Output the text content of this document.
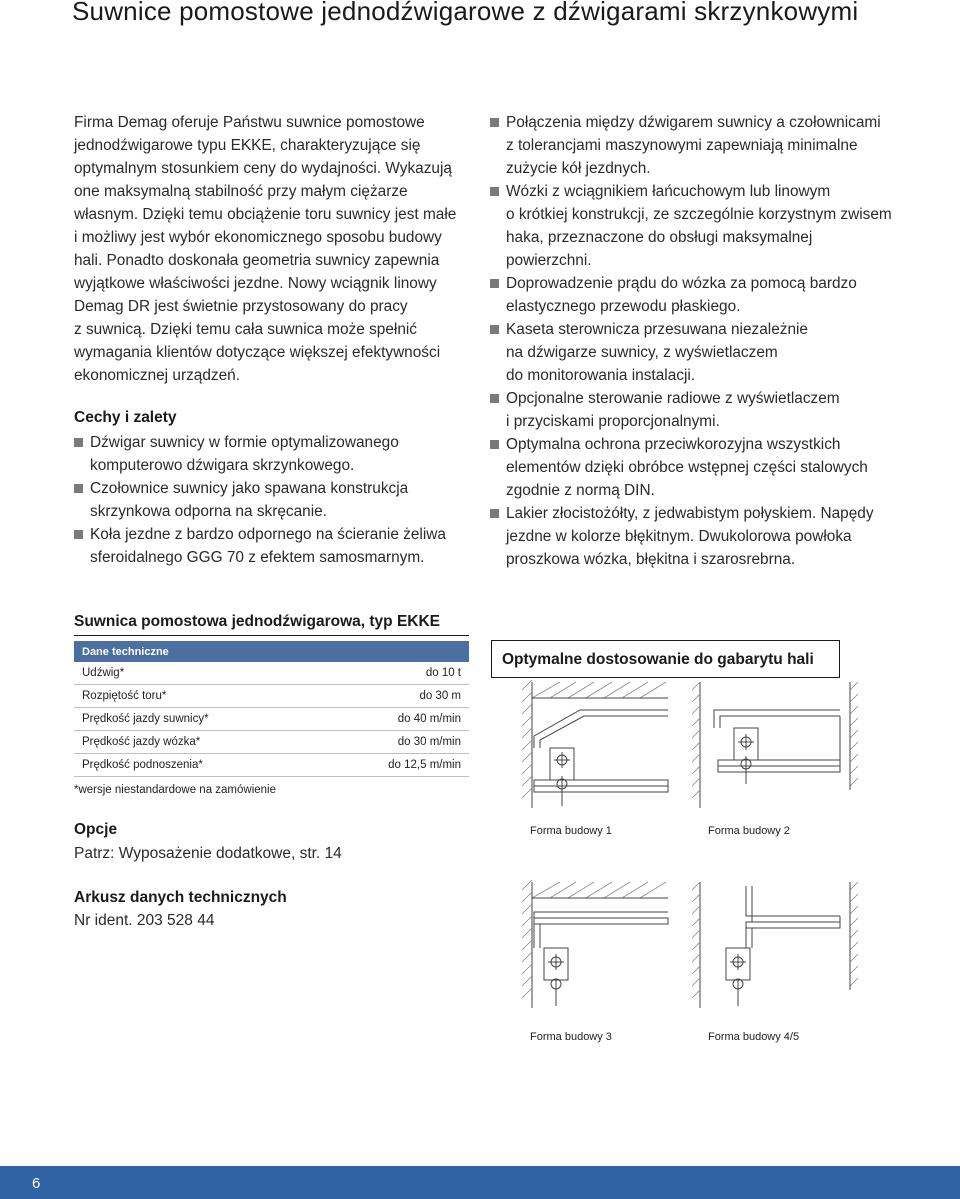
Suwnice pomostowe jednodźwigarowe z dźwigarami skrzynkowymi

Firma Demag oferuje Państwu suwnice pomostowe
jednodźwigarowe typu EKKE, charakteryzujące się
optymalnym stosunkiem ceny do wydajności. Wykazują
one maksymalną stabilność przy małym ciężarze
własnym. Dzięki temu obciążenie toru suwnicy jest małe
i możliwy jest wybór ekonomicznego sposobu budowy
hali. Ponadto doskonała geometria suwnicy zapewnia
wyjątkowe właściwości jezdne. Nowy wciągnik linowy
Demag DR jest świetnie przystosowany do pracy
z suwnicą. Dzięki temu cała suwnica może spełnić
wymagania klientów dotyczące większej efektywności
ekonomicznej urządzeń.

Cechy i zalety
Dźwigar suwnicy w formie optymalizowanego
komputerowo dźwigara skrzynkowego.
Czołownice suwnicy jako spawana konstrukcja
skrzynkowa odporna na skręcanie.
Koła jezdne z bardzo odpornego na ścieranie żeliwa
sferoidalnego GGG 70 z efektem samosmarnym.
Połączenia między dźwigarem suwnicy a czołownicami
z tolerancjami maszynowymi zapewniają minimalne
zużycie kół jezdnych.
Wózki z wciągnikiem łańcuchowym lub linowym
o krótkiej konstrukcji, ze szczególnie korzystnym zwisem
haka, przeznaczone do obsługi maksymalnej
powierzchni.
Doprowadzenie prądu do wózka za pomocą bardzo
elastycznego przewodu płaskiego.
Kaseta sterownicza przesuwana niezależnie
na dźwigarze suwnicy, z wyświetlaczem
do monitorowania instalacji.
Opcjonalne sterowanie radiowe z wyświetlaczem
i przyciskami proporcjonalnymi.
Optymalna ochrona przeciwkorozyjna wszystkich
elementów dzięki obróbce wstępnej części stalowych
zgodnie z normą DIN.
Lakier złocistożółty, z jedwabistym połyskiem. Napędy
jezdne w kolorze błękitnym. Dwukolorowa powłoka
proszkowa wózka, błękitna i szarosrebrna.
Suwnica pomostowa jednodźwigarowa, typ EKKE
Dane techniczne	
Udźwig*	do 10 t
Rozpiętość toru*	do 30 m
Prędkość jazdy suwnicy*	do 40 m/min
Prędkość jazdy wózka*	do 30 m/min
Prędkość podnoszenia*	do 12,5 m/min

*wersje niestandardowe na zamówienie

Opcje

Patrz: Wyposażenie dodatkowe, str. 14

Arkusz danych technicznych

Nr ident. 203 528 44

Optymalne dostosowanie do gabarytu hali

Forma budowy 1	Forma budowy 2

Forma budowy 3	Forma budowy 4/5

6
